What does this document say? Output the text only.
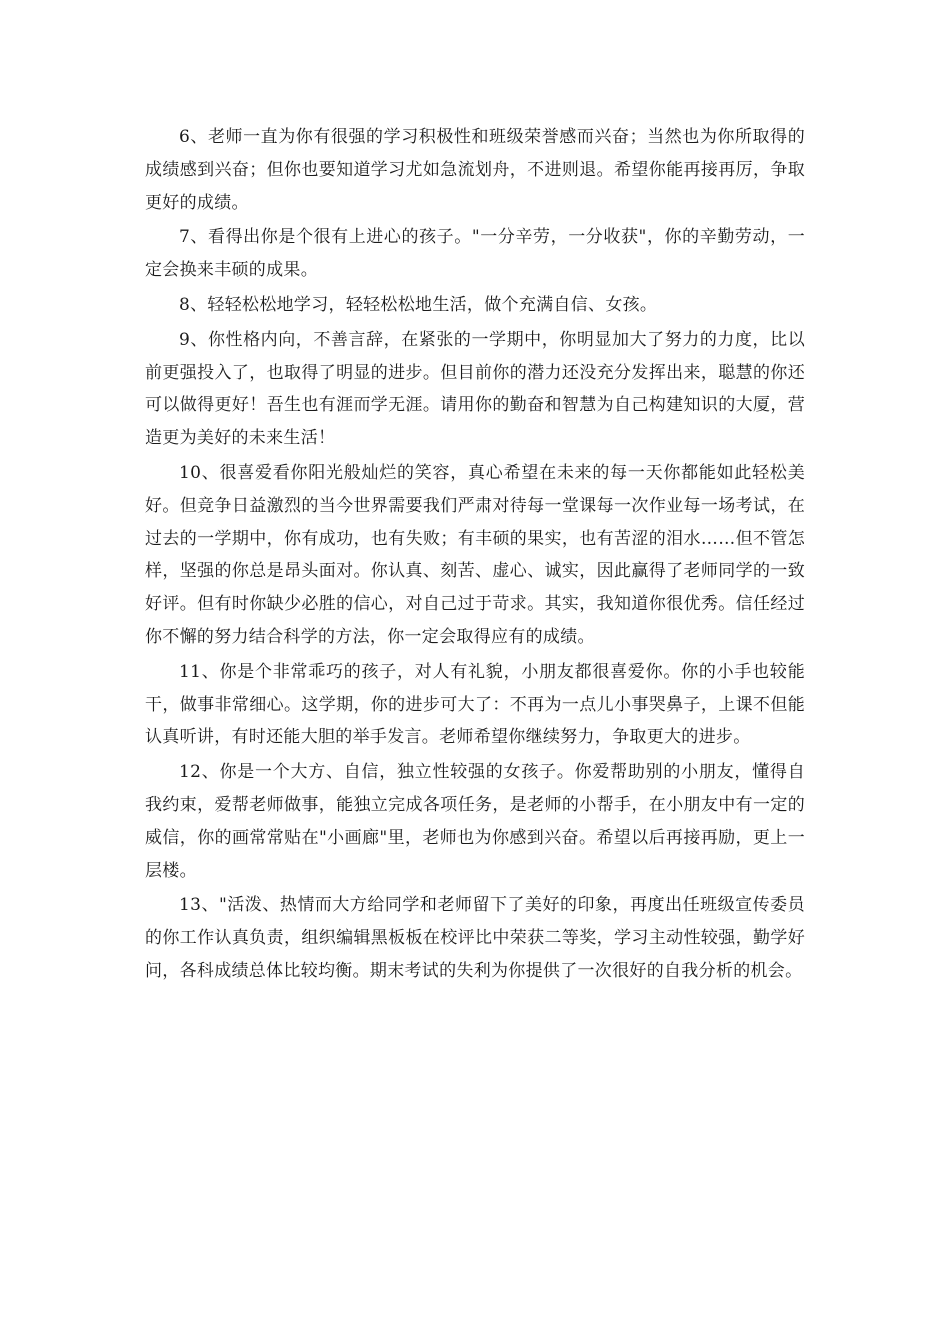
6、老师一直为你有很强的学习积极性和班级荣誉感而兴奋；当然也为你所取得的成绩感到兴奋；但你也要知道学习尤如急流划舟，不进则退。希望你能再接再厉，争取更好的成绩。

7、看得出你是个很有上进心的孩子。"一分辛劳，一分收获"，你的辛勤劳动，一定会换来丰硕的成果。

8、轻轻松松地学习，轻轻松松地生活，做个充满自信、女孩。

9、你性格内向，不善言辞，在紧张的一学期中，你明显加大了努力的力度，比以前更强投入了，也取得了明显的进步。但目前你的潜力还没充分发挥出来，聪慧的你还可以做得更好！吾生也有涯而学无涯。请用你的勤奋和智慧为自己构建知识的大厦，营造更为美好的未来生活！

10、很喜爱看你阳光般灿烂的笑容，真心希望在未来的每一天你都能如此轻松美好。但竞争日益激烈的当今世界需要我们严肃对待每一堂课每一次作业每一场考试，在过去的一学期中，你有成功，也有失败；有丰硕的果实，也有苦涩的泪水……但不管怎样，坚强的你总是昂头面对。你认真、刻苦、虚心、诚实，因此赢得了老师同学的一致好评。但有时你缺少必胜的信心，对自己过于苛求。其实，我知道你很优秀。信任经过你不懈的努力结合科学的方法，你一定会取得应有的成绩。

11、你是个非常乖巧的孩子，对人有礼貌，小朋友都很喜爱你。你的小手也较能干，做事非常细心。这学期，你的进步可大了：不再为一点儿小事哭鼻子，上课不但能认真听讲，有时还能大胆的举手发言。老师希望你继续努力，争取更大的进步。

12、你是一个大方、自信，独立性较强的女孩子。你爱帮助别的小朋友，懂得自我约束，爱帮老师做事，能独立完成各项任务，是老师的小帮手，在小朋友中有一定的威信，你的画常常贴在"小画廊"里，老师也为你感到兴奋。希望以后再接再励，更上一层楼。

13、"活泼、热情而大方给同学和老师留下了美好的印象，再度出任班级宣传委员的你工作认真负责，组织编辑黑板板在校评比中荣获二等奖，学习主动性较强，勤学好问，各科成绩总体比较均衡。期末考试的失利为你提供了一次很好的自我分析的机会。
